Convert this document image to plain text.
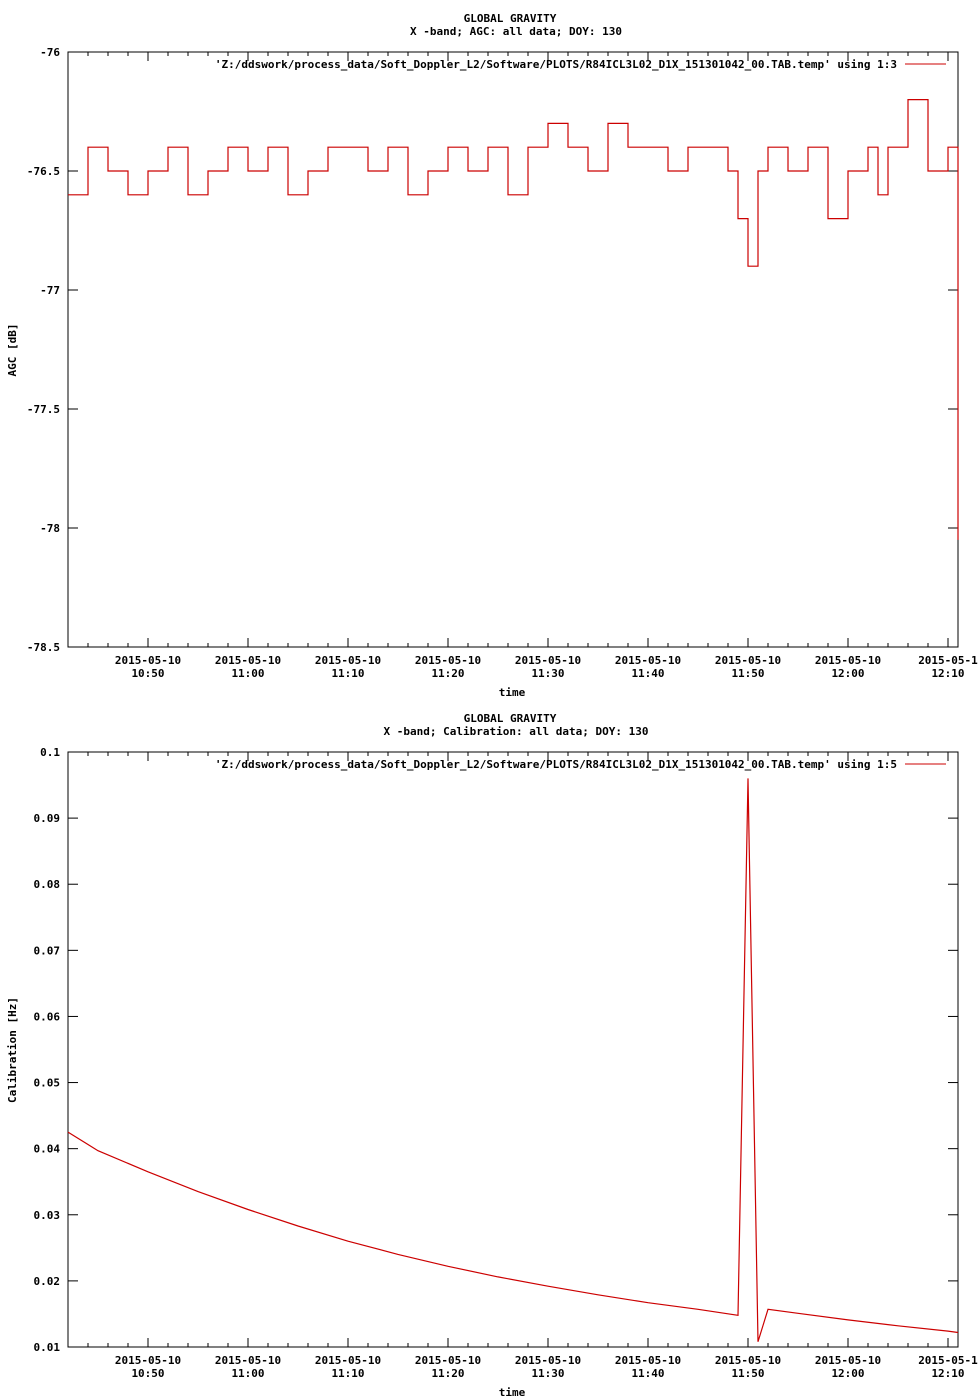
GLOBAL GRAVITY
X -band; AGC: all data; DOY: 130
-76
-76.5
-77
-77.5
-78
-78.5
2015-05-10
10:50
2015-05-10
11:00
2015-05-10
11:10
2015-05-10
11:20
2015-05-10
11:30
2015-05-10
11:40
2015-05-10
11:50
2015-05-10
12:00
2015-05-1
12:10
time
AGC [dB]
'Z:/ddswork/process_data/Soft_Doppler_L2/Software/PLOTS/R84ICL3L02_D1X_151301042_00.TAB.temp' using 1:3
GLOBAL GRAVITY
X -band; Calibration: all data; DOY: 130
0.1
0.09
0.08
0.07
0.06
0.05
0.04
0.03
0.02
0.01
2015-05-10
10:50
2015-05-10
11:00
2015-05-10
11:10
2015-05-10
11:20
2015-05-10
11:30
2015-05-10
11:40
2015-05-10
11:50
2015-05-10
12:00
2015-05-1
12:10
time
Calibration [Hz]
'Z:/ddswork/process_data/Soft_Doppler_L2/Software/PLOTS/R84ICL3L02_D1X_151301042_00.TAB.temp' using 1:5
